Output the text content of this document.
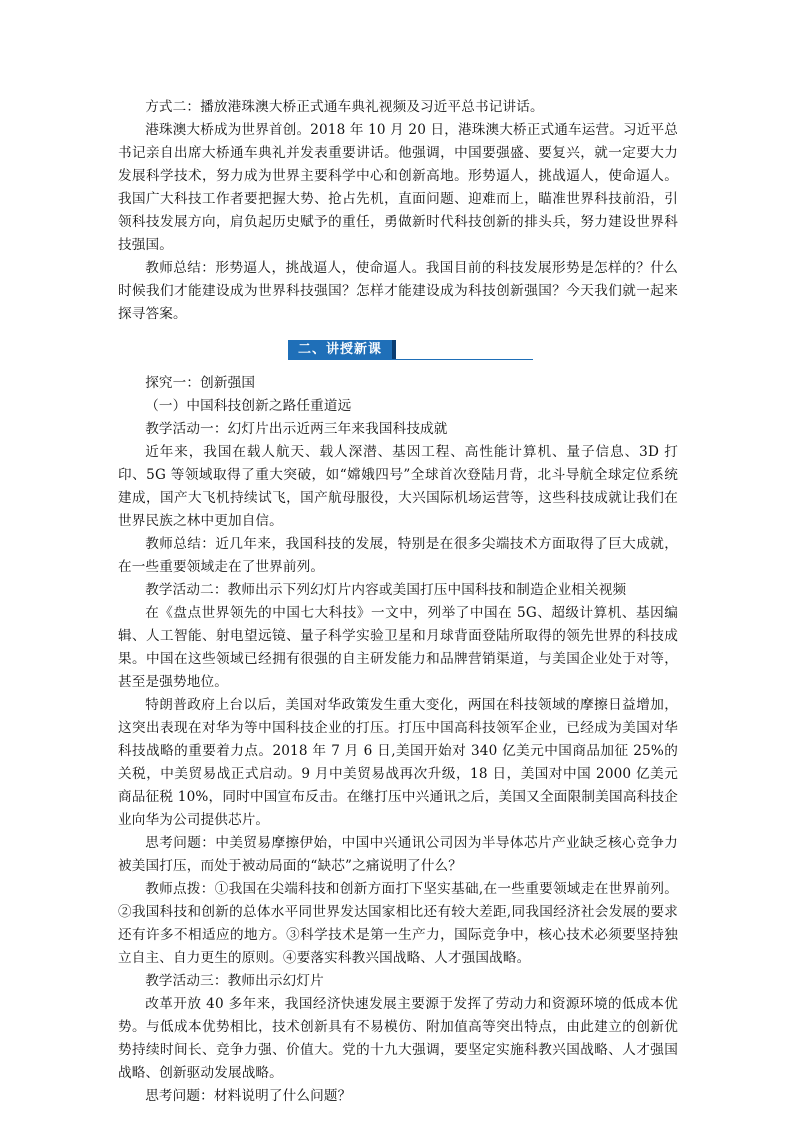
方式二：播放港珠澳大桥正式通车典礼视频及习近平总书记讲话。

港珠澳大桥成为世界首创。2018 年 10 月 20 日，港珠澳大桥正式通车运营。习近平总书记亲自出席大桥通车典礼并发表重要讲话。他强调，中国要强盛、要复兴，就一定要大力发展科学技术，努力成为世界主要科学中心和创新高地。形势逼人，挑战逼人，使命逼人。我国广大科技工作者要把握大势、抢占先机，直面问题、迎难而上，瞄准世界科技前沿，引领科技发展方向，肩负起历史赋予的重任，勇做新时代科技创新的排头兵，努力建设世界科技强国。

教师总结：形势逼人，挑战逼人，使命逼人。我国目前的科技发展形势是怎样的？什么时候我们才能建设成为世界科技强国？怎样才能建设成为科技创新强国？今天我们就一起来探寻答案。

二、讲授新课

探究一：创新强国

（一）中国科技创新之路任重道远

教学活动一：幻灯片出示近两三年来我国科技成就

近年来，我国在载人航天、载人深潜、基因工程、高性能计算机、量子信息、3D 打印、5G 等领域取得了重大突破，如“嫦娥四号”全球首次登陆月背，北斗导航全球定位系统建成，国产大飞机持续试飞，国产航母服役，大兴国际机场运营等，这些科技成就让我们在世界民族之林中更加自信。

教师总结：近几年来，我国科技的发展，特别是在很多尖端技术方面取得了巨大成就，在一些重要领域走在了世界前列。

教学活动二：教师出示下列幻灯片内容或美国打压中国科技和制造企业相关视频

在《盘点世界领先的中国七大科技》一文中，列举了中国在 5G、超级计算机、基因编辑、人工智能、射电望远镜、量子科学实验卫星和月球背面登陆所取得的领先世界的科技成果。中国在这些领域已经拥有很强的自主研发能力和品牌营销渠道，与美国企业处于对等，甚至是强势地位。

特朗普政府上台以后，美国对华政策发生重大变化，两国在科技领域的摩擦日益增加，这突出表现在对华为等中国科技企业的打压。打压中国高科技领军企业，已经成为美国对华科技战略的重要着力点。2018 年 7 月 6 日,美国开始对 340 亿美元中国商品加征 25%的关税，中美贸易战正式启动。9 月中美贸易战再次升级，18 日，美国对中国 2000 亿美元商品征税 10%，同时中国宣布反击。在继打压中兴通讯之后，美国又全面限制美国高科技企业向华为公司提供芯片。

思考问题：中美贸易摩擦伊始，中国中兴通讯公司因为半导体芯片产业缺乏核心竞争力被美国打压，而处于被动局面的“缺芯”之痛说明了什么？

教师点拨：①我国在尖端科技和创新方面打下坚实基础,在一些重要领域走在世界前列。②我国科技和创新的总体水平同世界发达国家相比还有较大差距,同我国经济社会发展的要求还有许多不相适应的地方。③科学技术是第一生产力，国际竞争中，核心技术必须要坚持独立自主、自力更生的原则。④要落实科教兴国战略、人才强国战略。

教学活动三：教师出示幻灯片

改革开放 40 多年来，我国经济快速发展主要源于发挥了劳动力和资源环境的低成本优势。与低成本优势相比，技术创新具有不易模仿、附加值高等突出特点，由此建立的创新优势持续时间长、竞争力强、价值大。党的十九大强调，要坚定实施科教兴国战略、人才强国战略、创新驱动发展战略。

思考问题：材料说明了什么问题？
